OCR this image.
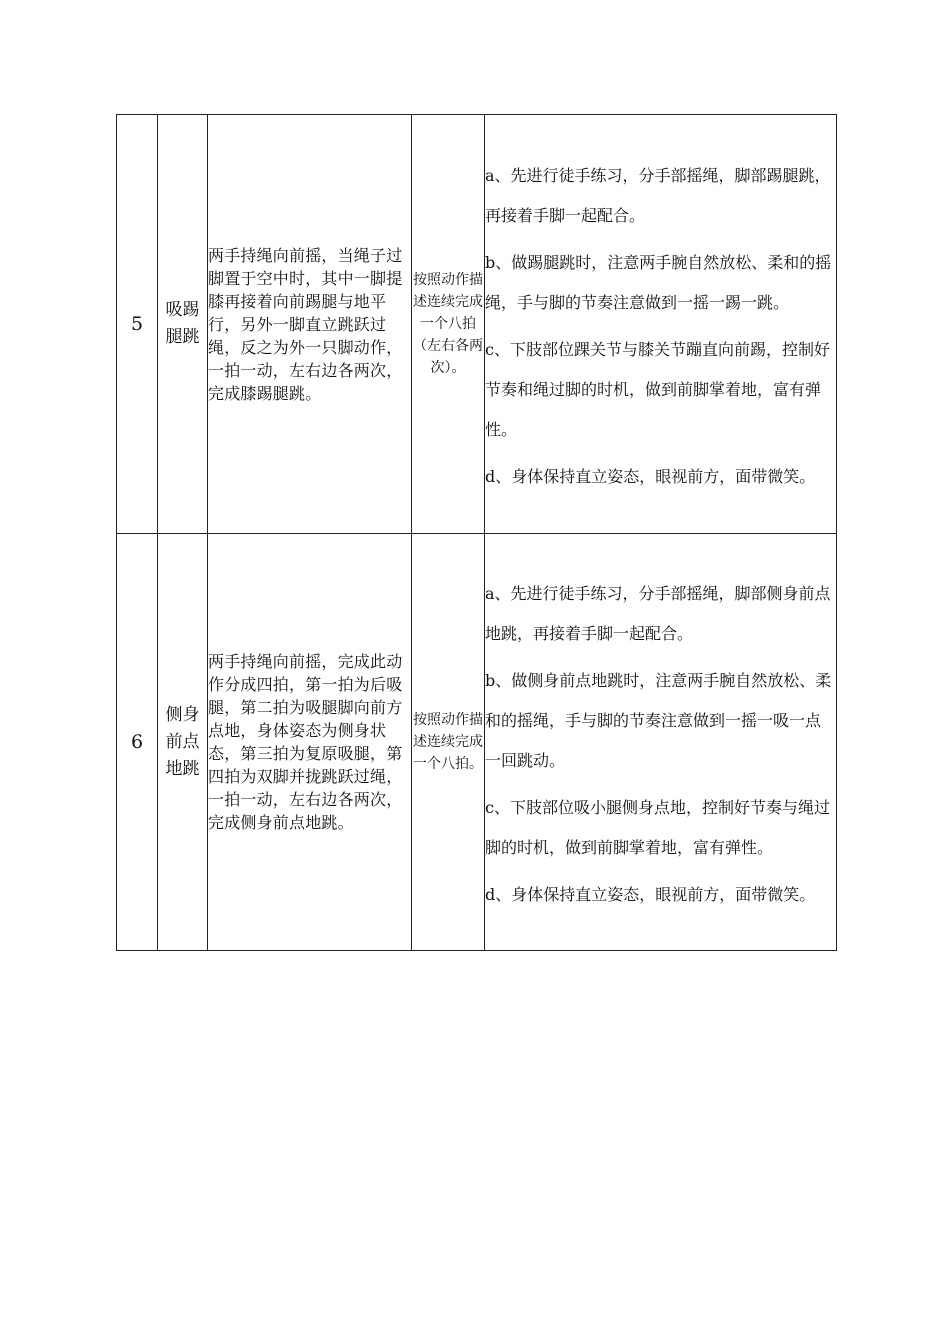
5	吸踢腿跳	两手持绳向前摇，当绳子过脚置于空中时，其中一脚提膝再接着向前踢腿与地平行，另外一脚直立跳跃过绳，反之为外一只脚动作，一拍一动，左右边各两次，完成膝踢腿跳。	按照动作描述连续完成一个八拍（左右各两次）。	a、先进行徒手练习，分手部摇绳，脚部踢腿跳，再接着手脚一起配合。
b、做踢腿跳时，注意两手腕自然放松、柔和的摇绳，手与脚的节奏注意做到一摇一踢一跳。
c、下肢部位踝关节与膝关节蹦直向前踢，控制好节奏和绳过脚的时机，做到前脚掌着地，富有弹性。
d、身体保持直立姿态，眼视前方，面带微笑。

6	侧身前点地跳	两手持绳向前摇，完成此动作分成四拍，第一拍为后吸腿，第二拍为吸腿脚向前方点地，身体姿态为侧身状态，第三拍为复原吸腿，第四拍为双脚并拢跳跃过绳，一拍一动，左右边各两次，完成侧身前点地跳。	按照动作描述连续完成一个八拍。	a、先进行徒手练习，分手部摇绳，脚部侧身前点地跳，再接着手脚一起配合。
b、做侧身前点地跳时，注意两手腕自然放松、柔和的摇绳，手与脚的节奏注意做到一摇一吸一点一回跳动。
c、下肢部位吸小腿侧身点地，控制好节奏与绳过脚的时机，做到前脚掌着地，富有弹性。
d、身体保持直立姿态，眼视前方，面带微笑。
